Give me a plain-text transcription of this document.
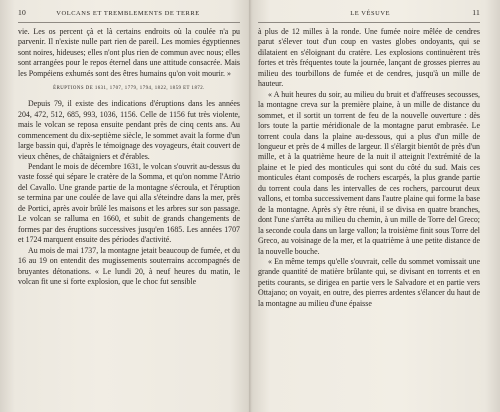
10	VOLCANS ET TREMBLEMENTS DE TERRE

vie. Les os percent çà et là certains endroits où la coulée n'a pu parvenir. Il n'existe nulle part rien de pareil. Les momies égyptiennes sont noires, hideuses; elles n'ont plus rien de commun avec nous; elles sont arrangées pour le repos éternel dans une attitude consacrée. Mais les Pompéiens exhumés sont des êtres humains qu'on voit mourir. »

ÉRUPTIONS DE 1631, 1707, 1779, 1794, 1822, 1859 ET 1872.

Depuis 79, il existe des indications d'éruptions dans les années 204, 472, 512, 685, 993, 1036, 1156. Celle de 1156 fut très violente, mais le volcan se reposa ensuite pendant près de cinq cents ans. Au commencement du dix-septième siècle, le sommet avait la forme d'un large bassin qui, d'après le témoignage des voyageurs, était couvert de vieux chênes, de châtaigniers et d'érables.

Pendant le mois de décembre 1631, le volcan s'ouvrit au-dessus du vaste fossé qui sépare le cratère de la Somma, et qu'on nomme l'Atrio del Cavallo. Une grande partie de la montagne s'écroula, et l'éruption se termina par une coulée de lave qui alla s'éteindre dans la mer, près de Portici, après avoir brûlé les maisons et les arbres sur son passage. Le volcan se ralluma en 1660, et subit de grands changements de formes par des éruptions successives jusqu'en 1685. Les années 1707 et 1724 marquent ensuite des périodes d'activité.

Au mois de mai 1737, la montagne jetait beaucoup de fumée, et du 16 au 19 on entendit des mugissements souterrains accompagnés de bruyantes détonations. « Le lundi 20, à neuf heures du matin, le volcan fit une si forte explosion, que le choc fut sensible

LE VÉSUVE	11

à plus de 12 milles à la ronde. Une fumée noire mêlée de cendres parut s'élever tout d'un coup en vastes globes ondoyants, qui se dilataient en s'éloignant du cratère. Les explosions continuèrent très fortes et très fréquentes toute la journée, lançant de grosses pierres au milieu des tourbillons de fumée et de cendres, jusqu'à un mille de hauteur.

« A huit heures du soir, au milieu du bruit et d'affreuses secousses, la montagne creva sur la première plaine, à un mille de distance du sommet, et il sortit un torrent de feu de la nouvelle ouverture : dès lors toute la partie méridionale de la montagne parut embrasée. Le torrent coula dans la plaine au-dessous, qui a plus d'un mille de longueur et près de 4 milles de largeur. Il s'élargit bientôt de près d'un mille, et à la quatrième heure de la nuit il atteignit l'extrémité de la plaine et le pied des monticules qui sont du côté du sud. Mais ces monticules étant composés de rochers escarpés, la plus grande partie du torrent coula dans les intervalles de ces rochers, parcourut deux vallons, et tomba successivement dans l'autre plaine qui forme la base de la montagne. Après s'y être réuni, il se divisa en quatre branches, dont l'une s'arrêta au milieu du chemin, à un mille de Torre del Greco; la seconde coula dans un large vallon; la troisième finit sous Torre del Greco, au voisinage de la mer, et la quatrième à une petite distance de la nouvelle bouche.

« En même temps qu'elle s'ouvrait, celle du sommet vomissait une grande quantité de matière brûlante qui, se divisant en torrents et en petits courants, se dirigea en partie vers le Salvadore et en partie vers Ottajano; on voyait, en outre, des pierres ardentes s'élancer du haut de la montagne au milieu d'une épaisse
